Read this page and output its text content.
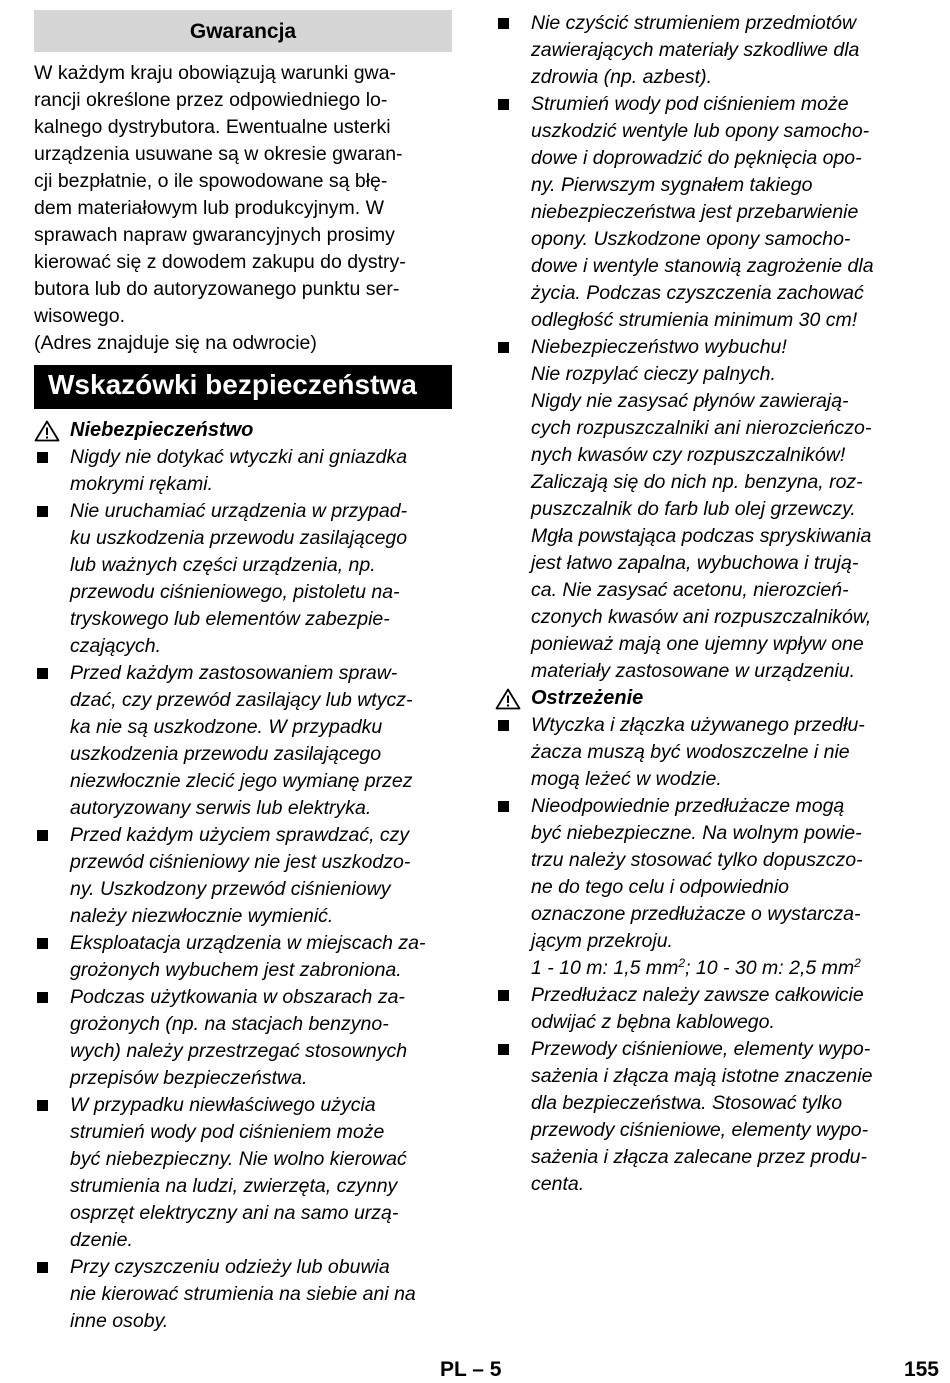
Gwarancja
W każdym kraju obowiązują warunki gwa-
rancji określone przez odpowiedniego lo-
kalnego dystrybutora. Ewentualne usterki
urządzenia usuwane są w okresie gwaran-
cji bezpłatnie, o ile spowodowane są błę-
dem materiałowym lub produkcyjnym. W
sprawach napraw gwarancyjnych prosimy
kierować się z dowodem zakupu do dystry-
butora lub do autoryzowanego punktu ser-
wisowego.
(Adres znajduje się na odwrocie)
Wskazówki bezpieczeństwa
Niebezpieczeństwo
Nigdy nie dotykać wtyczki ani gniazdka
mokrymi rękami.
Nie uruchamiać urządzenia w przypad-
ku uszkodzenia przewodu zasilającego
lub ważnych części urządzenia, np.
przewodu ciśnieniowego, pistoletu na-
tryskowego lub elementów zabezpie-
czających.
Przed każdym zastosowaniem spraw-
dzać, czy przewód zasilający lub wtycz-
ka nie są uszkodzone. W przypadku
uszkodzenia przewodu zasilającego
niezwłocznie zlecić jego wymianę przez
autoryzowany serwis lub elektryka.
Przed każdym użyciem sprawdzać, czy
przewód ciśnieniowy nie jest uszkodzo-
ny. Uszkodzony przewód ciśnieniowy
należy niezwłocznie wymienić.
Eksploatacja urządzenia w miejscach za-
grożonych wybuchem jest zabroniona.
Podczas użytkowania w obszarach za-
grożonych (np. na stacjach benzyno-
wych) należy przestrzegać stosownych
przepisów bezpieczeństwa.
W przypadku niewłaściwego użycia
strumień wody pod ciśnieniem może
być niebezpieczny. Nie wolno kierować
strumienia na ludzi, zwierzęta, czynny
osprzęt elektryczny ani na samo urzą-
dzenie.
Przy czyszczeniu odzieży lub obuwia
nie kierować strumienia na siebie ani na
inne osoby.
Nie czyścić strumieniem przedmiotów
zawierających materiały szkodliwe dla
zdrowia (np. azbest).
Strumień wody pod ciśnieniem może
uszkodzić wentyle lub opony samocho-
dowe i doprowadzić do pęknięcia opo-
ny. Pierwszym sygnałem takiego
niebezpieczeństwa jest przebarwienie
opony. Uszkodzone opony samocho-
dowe i wentyle stanowią zagrożenie dla
życia. Podczas czyszczenia zachować
odległość strumienia minimum 30 cm!
Niebezpieczeństwo wybuchu!
Nie rozpylać cieczy palnych.
Nigdy nie zasysać płynów zawierają-
cych rozpuszczalniki ani nierozcieńczo-
nych kwasów czy rozpuszczalników!
Zaliczają się do nich np. benzyna, roz-
puszczalnik do farb lub olej grzewczy.
Mgła powstająca podczas spryskiwania
jest łatwo zapalna, wybuchowa i trują-
ca. Nie zasysać acetonu, nierozcień-
czonych kwasów ani rozpuszczalników,
ponieważ mają one ujemny wpływ one
materiały zastosowane w urządzeniu.
Ostrzeżenie
Wtyczka i złączka używanego przedłu-
żacza muszą być wodoszczelne i nie
mogą leżeć w wodzie.
Nieodpowiednie przedłużacze mogą
być niebezpieczne. Na wolnym powie-
trzu należy stosować tylko dopuszczo-
ne do tego celu i odpowiednio
oznaczone przedłużacze o wystarcza-
jącym przekroju.
1 - 10 m: 1,5 $mm^2$; 10 - 30 m: 2,5 $mm^2$
Przedłużacz należy zawsze całkowicie
odwijać z bębna kablowego.
Przewody ciśnieniowe, elementy wypo-
sażenia i złącza mają istotne znaczenie
dla bezpieczeństwa. Stosować tylko
przewody ciśnieniowe, elementy wypo-
sażenia i złącza zalecane przez produ-
centa.
PL – 5	155
